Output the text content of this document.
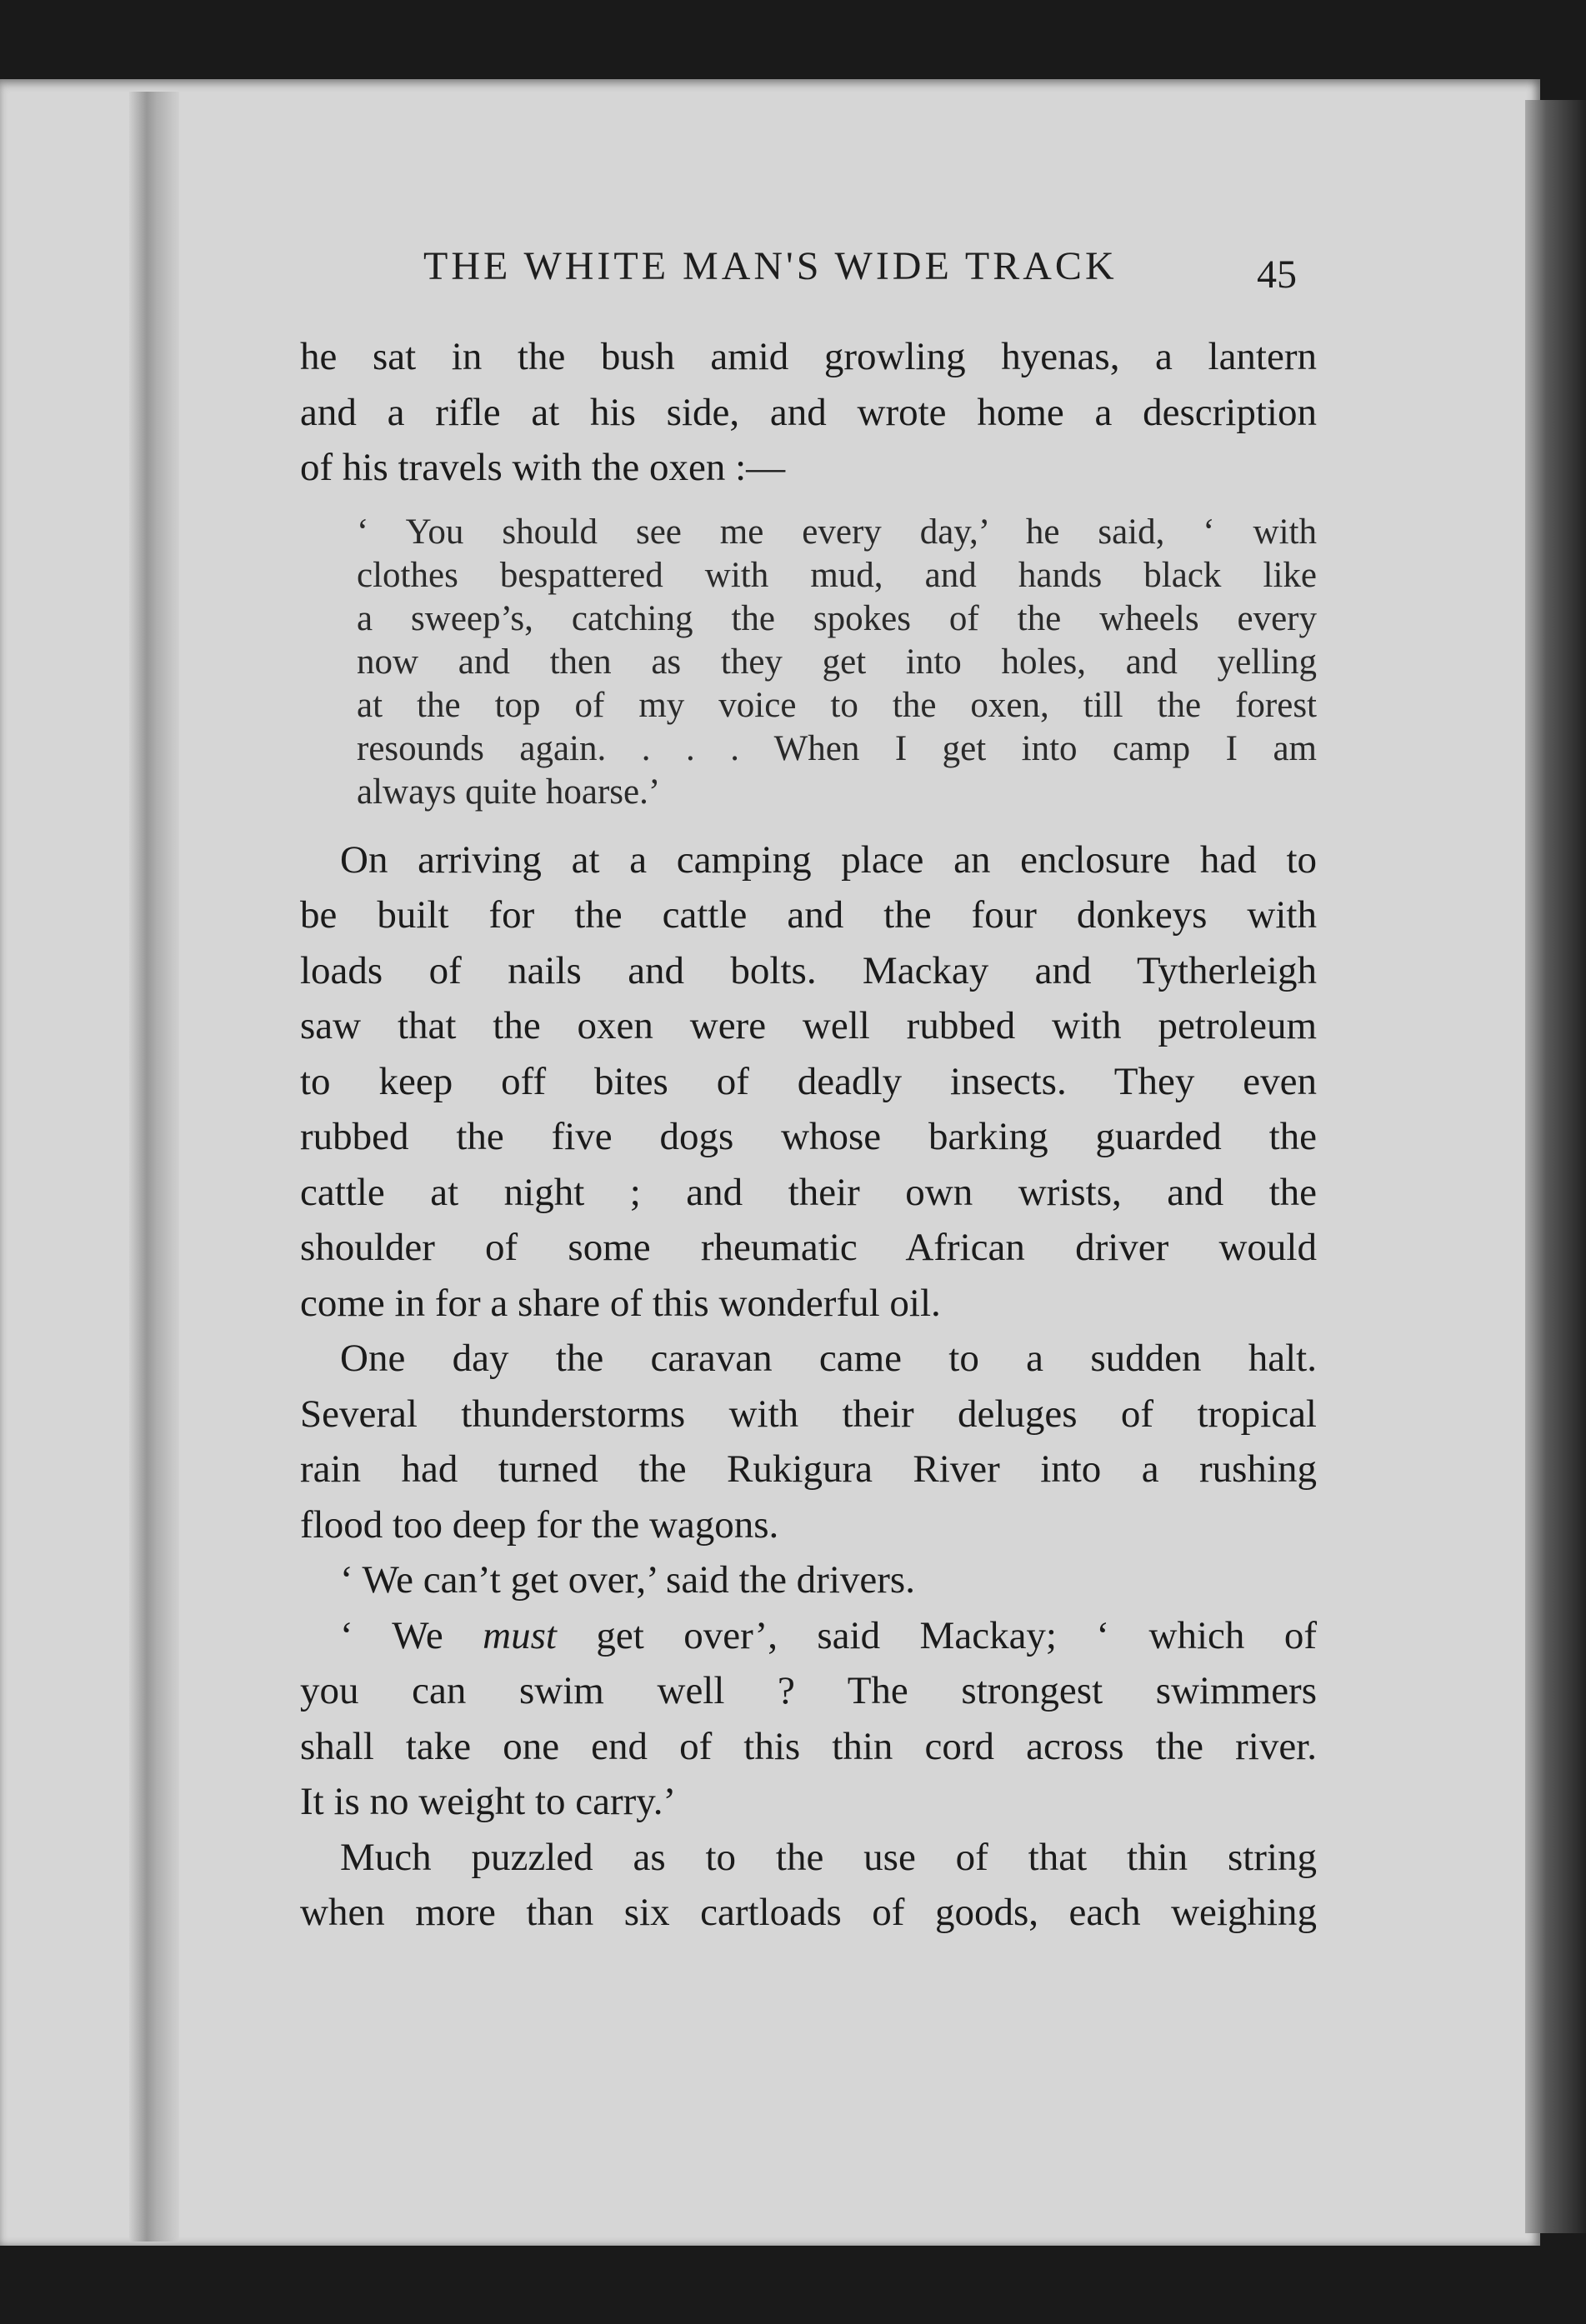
THE WHITE MAN'S WIDE TRACK	45
he sat in the bush amid growling hyenas, a lantern
and a rifle at his side, and wrote home a description
of his travels with the oxen :—
‘ You should see me every day,’ he said, ‘ with
clothes bespattered with mud, and hands black like
a sweep’s, catching the spokes of the wheels every
now and then as they get into holes, and yelling
at the top of my voice to the oxen, till the forest
resounds again. . . . When I get into camp I am
always quite hoarse.’
On arriving at a camping place an enclosure had to
be built for the cattle and the four donkeys with
loads of nails and bolts. Mackay and Tytherleigh
saw that the oxen were well rubbed with petroleum
to keep off bites of deadly insects. They even
rubbed the five dogs whose barking guarded the
cattle at night ; and their own wrists, and the
shoulder of some rheumatic African driver would
come in for a share of this wonderful oil.
One day the caravan came to a sudden halt.
Several thunderstorms with their deluges of tropical
rain had turned the Rukigura River into a rushing
flood too deep for the wagons.
‘ We can’t get over,’ said the drivers.
‘ We must get over’, said Mackay; ‘ which of
you can swim well ? The strongest swimmers
shall take one end of this thin cord across the river.
It is no weight to carry.’
Much puzzled as to the use of that thin string
when more than six cartloads of goods, each weighing
